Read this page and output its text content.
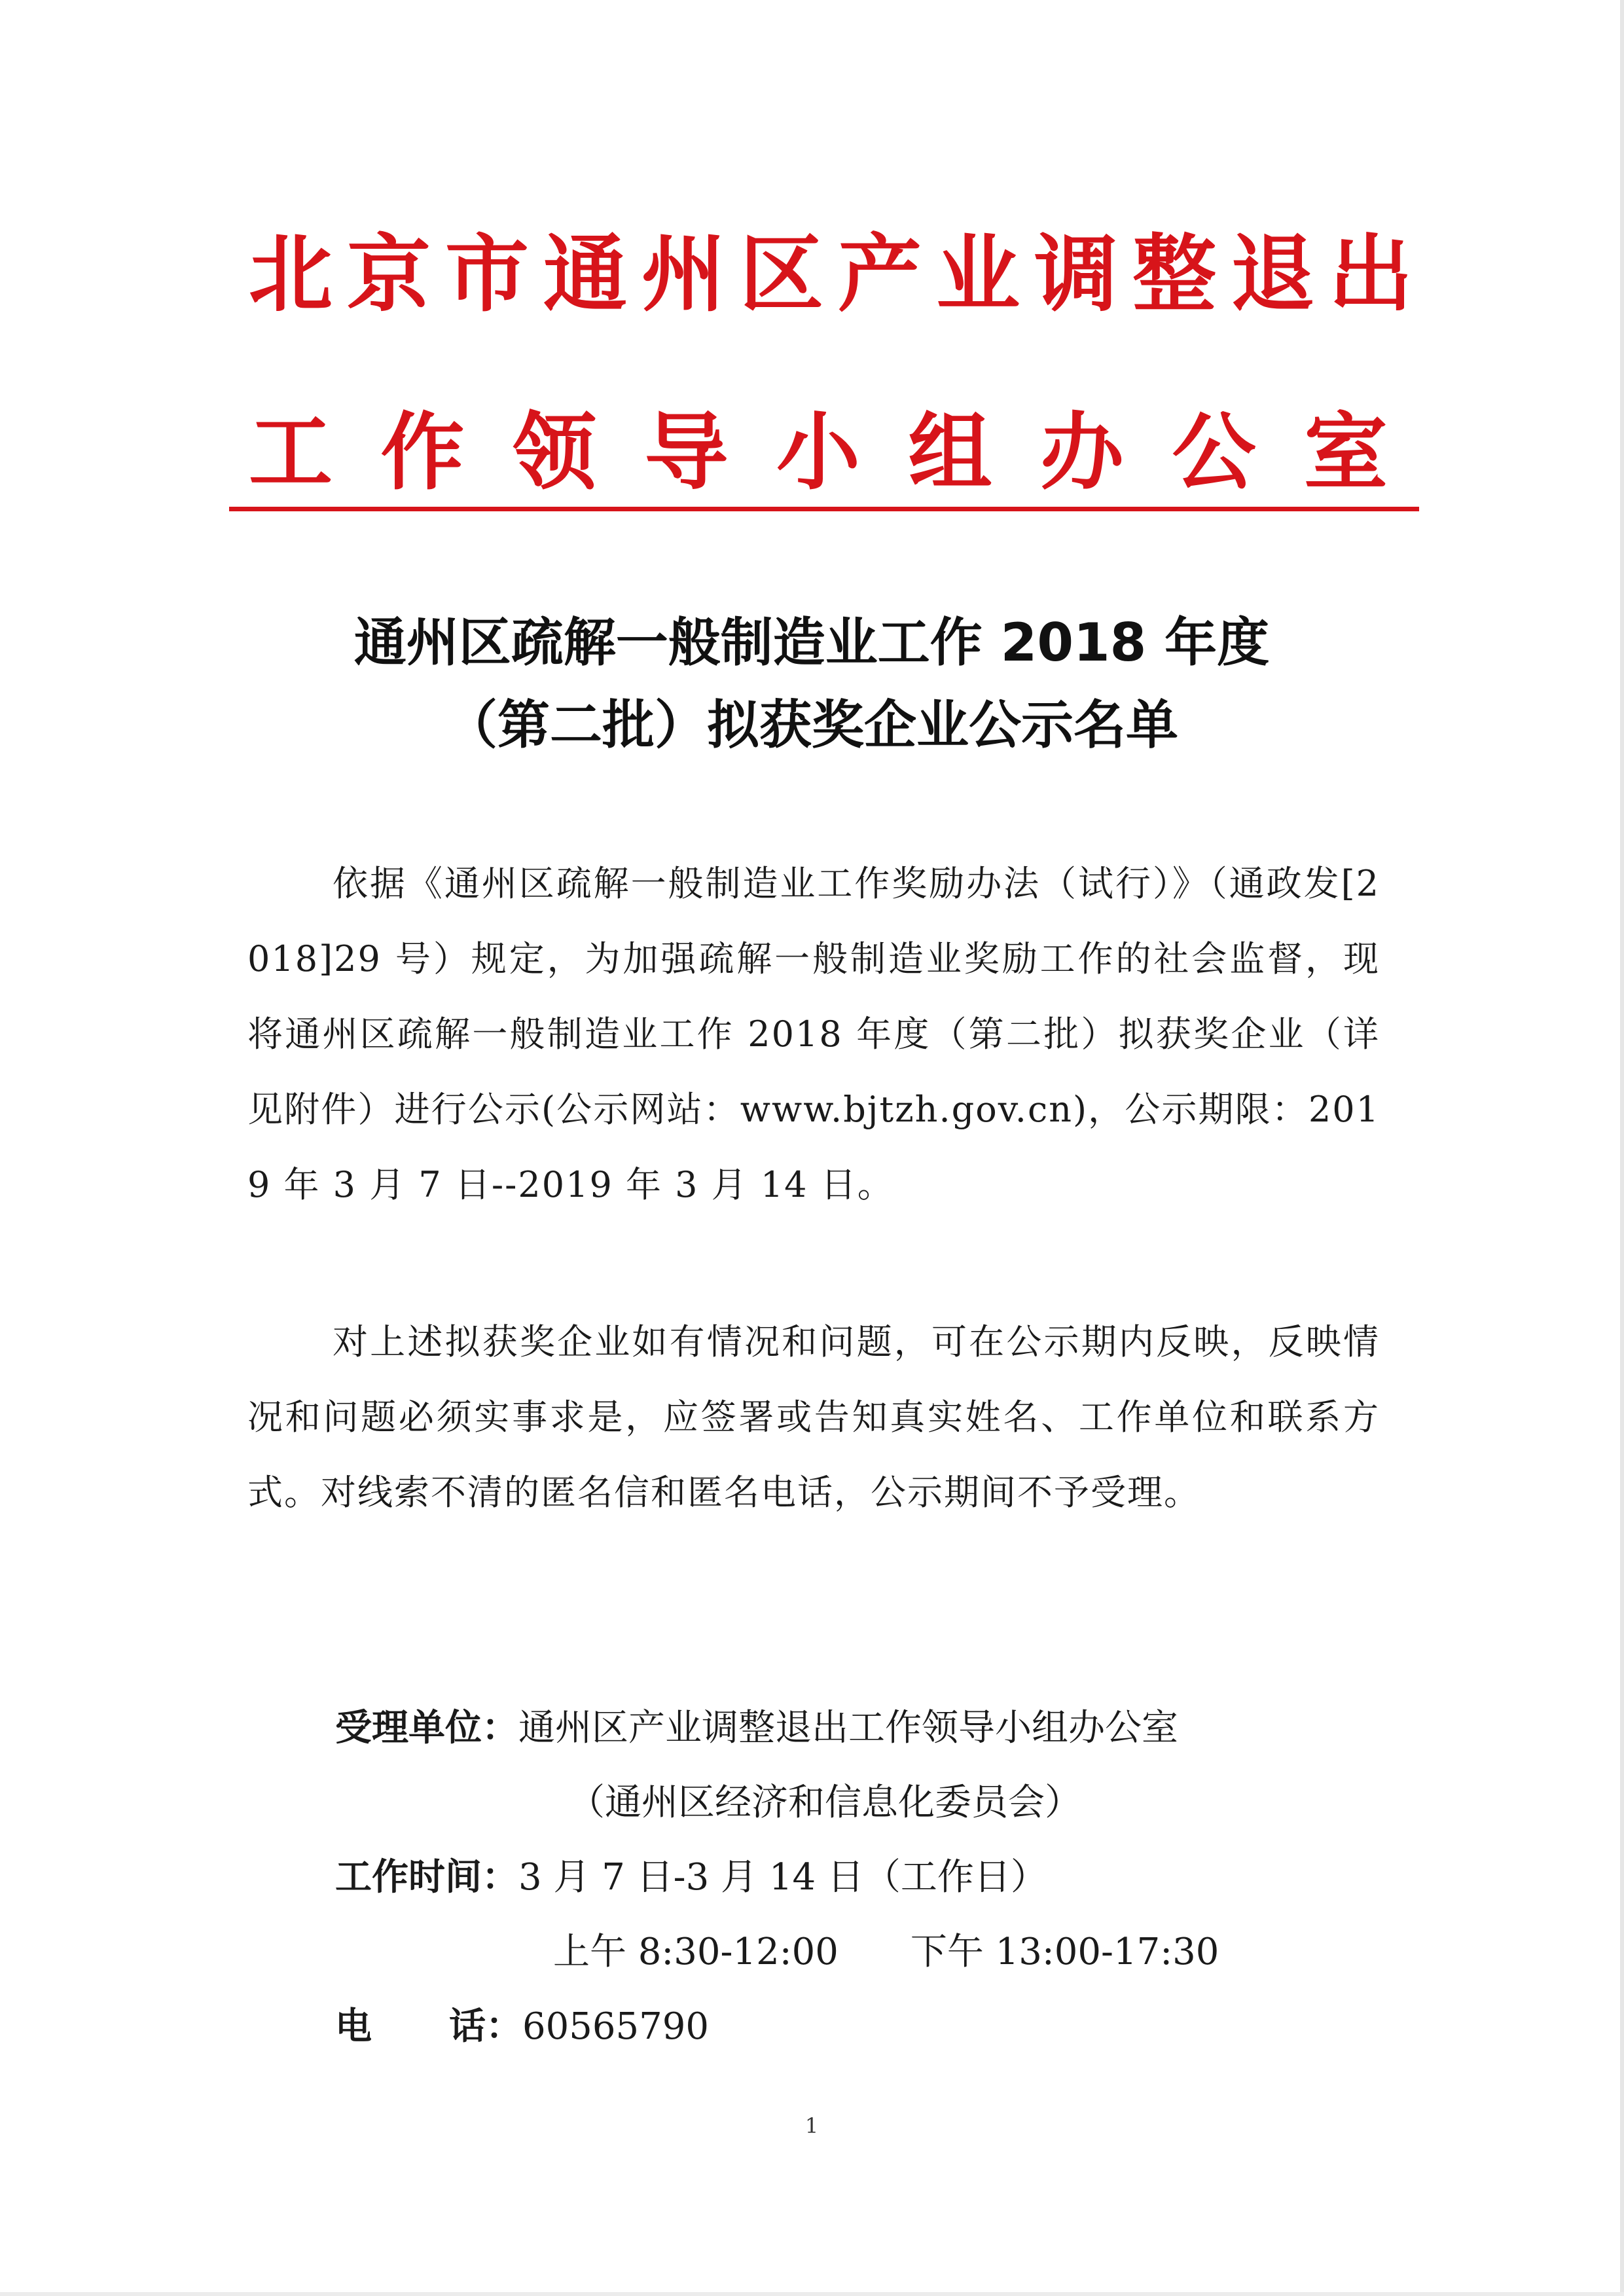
北京市通州区产业调整退出
工作领导小组办公室
通州区疏解一般制造业工作 2018 年度
（第二批）拟获奖企业公示名单
依据《通州区疏解一般制造业工作奖励办法（试行）》（通政发[2018]29 号）规定，为加强疏解一般制造业奖励工作的社会监督，现将通州区疏解一般制造业工作 2018 年度（第二批）拟获奖企业（详见附件）进行公示(公示网站：www.bjtzh.gov.cn)，公示期限：2019 年 3 月 7 日--2019 年 3 月 14 日。
对上述拟获奖企业如有情况和问题，可在公示期内反映，反映情况和问题必须实事求是，应签署或告知真实姓名、工作单位和联系方式。对线索不清的匿名信和匿名电话，公示期间不予受理。
受理单位：通州区产业调整退出工作领导小组办公室
（通州区经济和信息化委员会）
工作时间：3 月 7 日-3 月 14 日（工作日）
上午 8:30-12:00 下午 13:00-17:30
电 话：60565790
1
